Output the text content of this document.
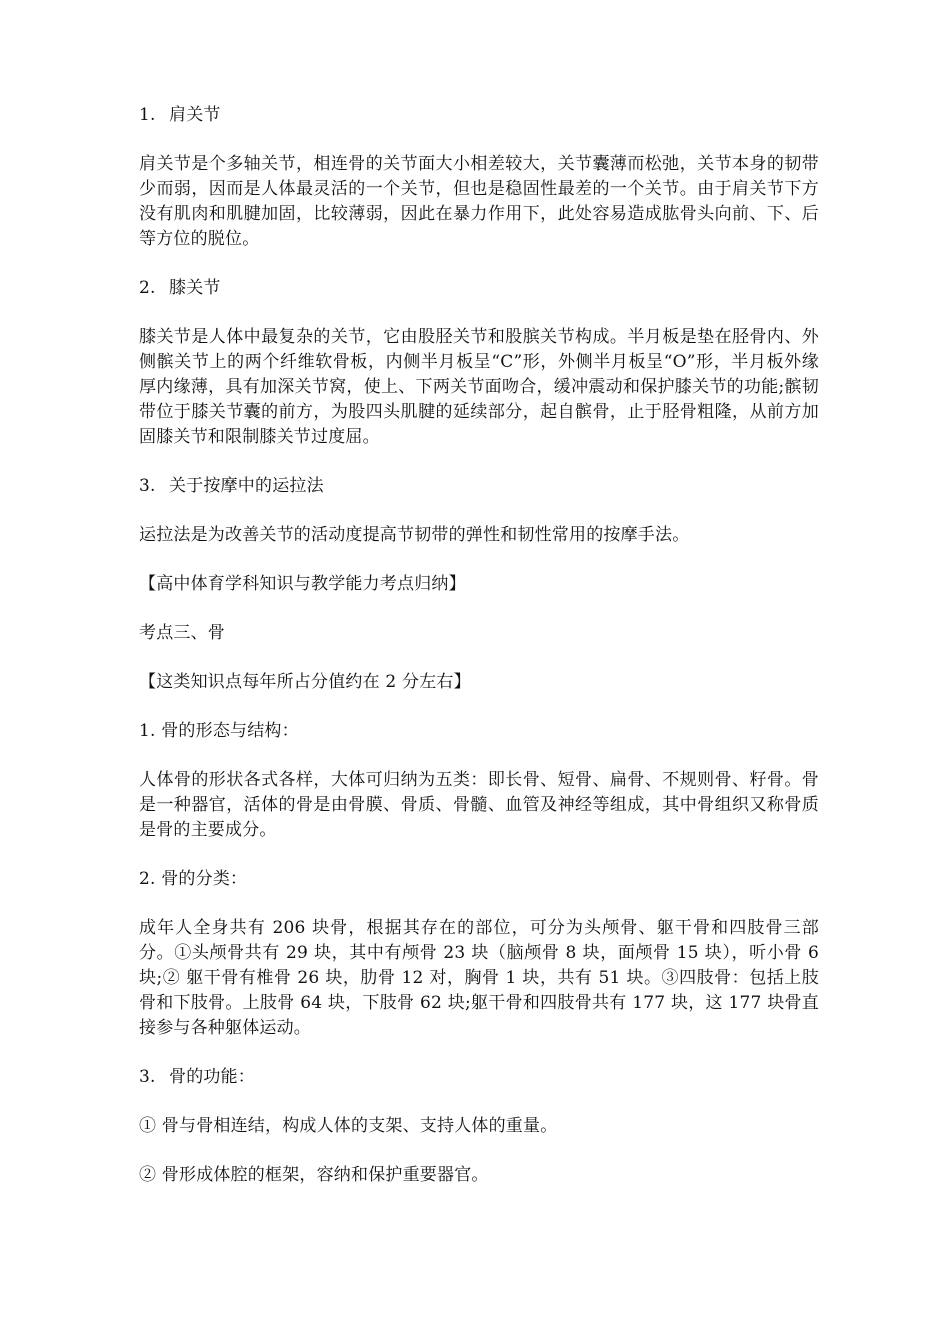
1. 肩关节

肩关节是个多轴关节，相连骨的关节面大小相差较大，关节囊薄而松弛，关节本身的韧带少而弱，因而是人体最灵活的一个关节，但也是稳固性最差的一个关节。由于肩关节下方没有肌肉和肌腱加固，比较薄弱，因此在暴力作用下，此处容易造成肱骨头向前、下、后等方位的脱位。

2. 膝关节

膝关节是人体中最复杂的关节，它由股胫关节和股膑关节构成。半月板是垫在胫骨内、外侧髌关节上的两个纤维软骨板，内侧半月板呈“C”形，外侧半月板呈“O”形，半月板外缘厚内缘薄，具有加深关节窝，使上、下两关节面吻合，缓冲震动和保护膝关节的功能;髌韧带位于膝关节囊的前方，为股四头肌腱的延续部分，起自髌骨，止于胫骨粗隆，从前方加固膝关节和限制膝关节过度屈。

3. 关于按摩中的运拉法

运拉法是为改善关节的活动度提高节韧带的弹性和韧性常用的按摩手法。

【高中体育学科知识与教学能力考点归纳】

考点三、骨

【这类知识点每年所占分值约在 2 分左右】

1. 骨的形态与结构：

人体骨的形状各式各样，大体可归纳为五类：即长骨、短骨、扁骨、不规则骨、籽骨。骨是一种器官，活体的骨是由骨膜、骨质、骨髓、血管及神经等组成，其中骨组织又称骨质是骨的主要成分。

2. 骨的分类：

成年人全身共有 206 块骨，根据其存在的部位，可分为头颅骨、躯干骨和四肢骨三部分。①头颅骨共有 29 块，其中有颅骨 23 块（脑颅骨 8 块，面颅骨 15 块），听小骨 6 块;② 躯干骨有椎骨 26 块，肋骨 12 对，胸骨 1 块，共有 51 块。③四肢骨：包括上肢骨和下肢骨。上肢骨 64 块，下肢骨 62 块;躯干骨和四肢骨共有 177 块，这 177 块骨直接参与各种躯体运动。

3. 骨的功能：

① 骨与骨相连结，构成人体的支架、支持人体的重量。

② 骨形成体腔的框架，容纳和保护重要器官。
